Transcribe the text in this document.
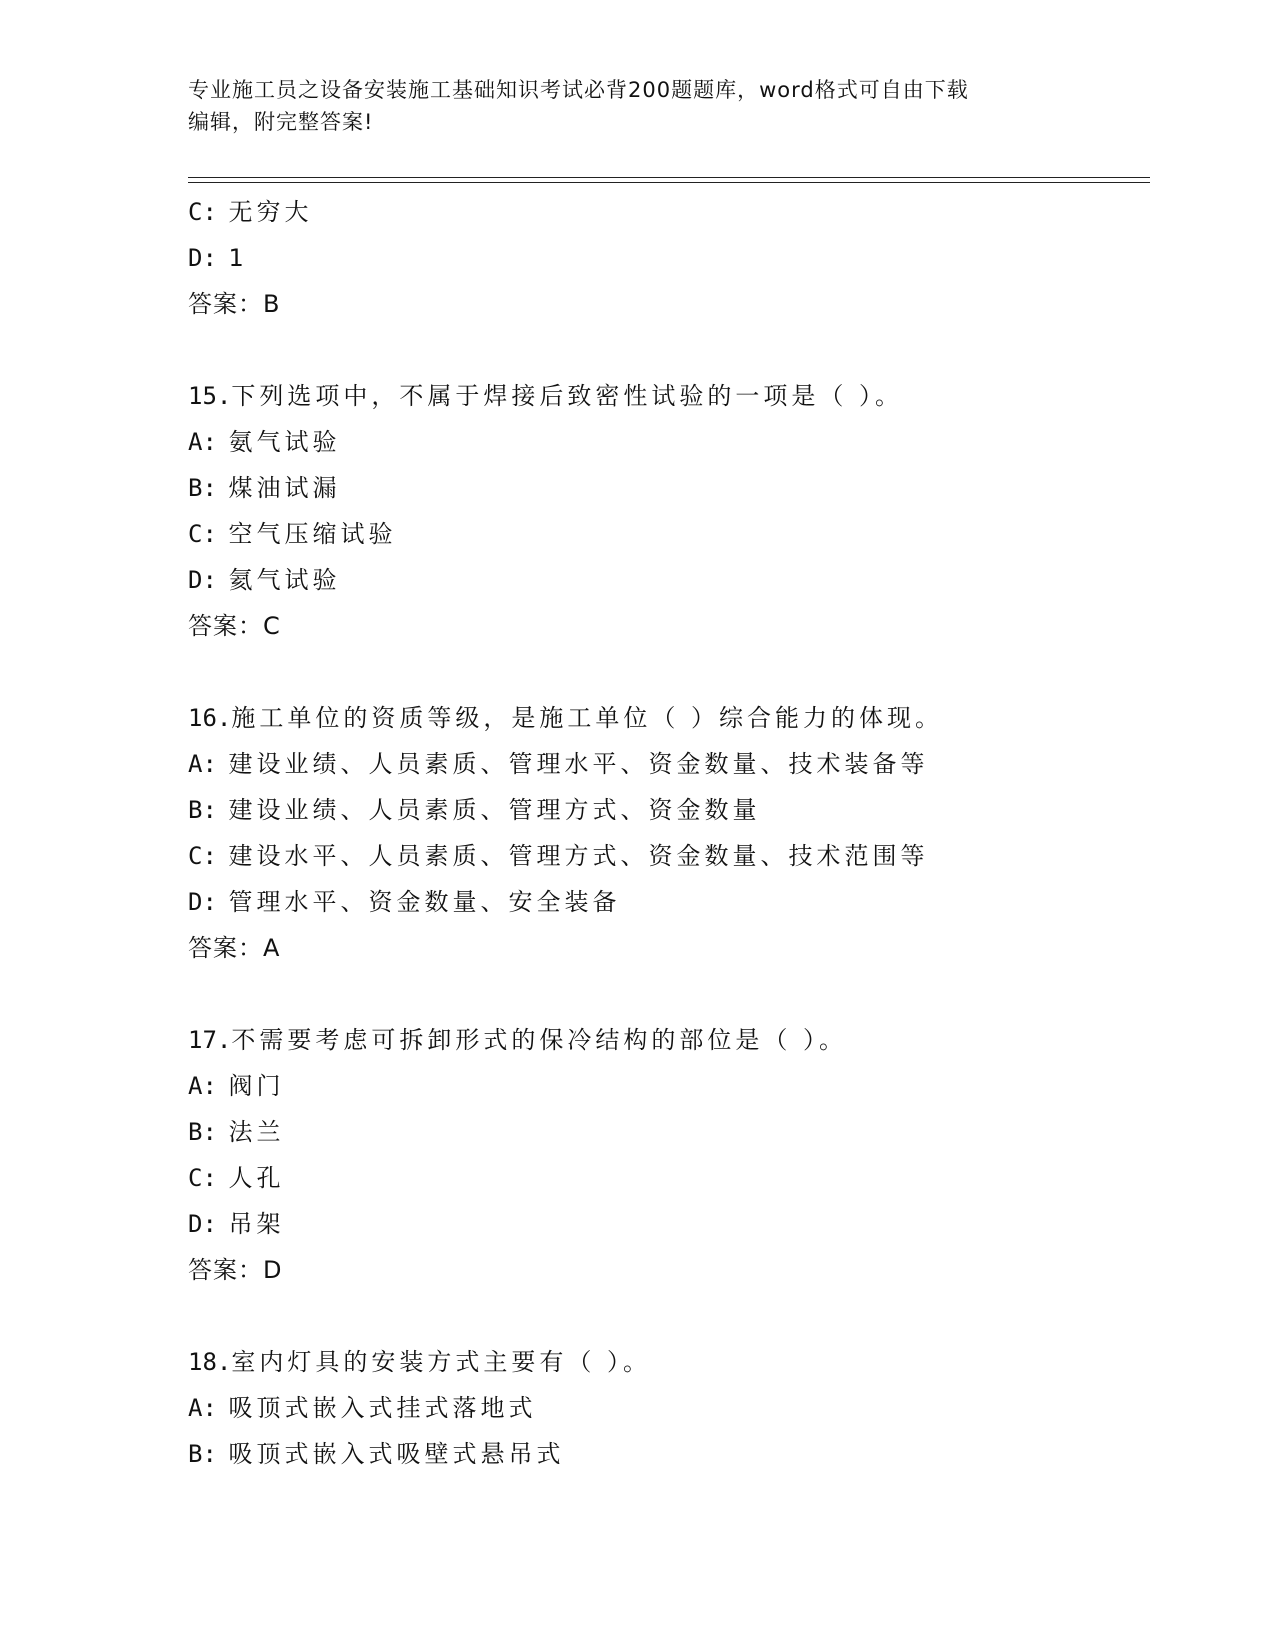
专业施工员之设备安装施工基础知识考试必背200题题库，word格式可自由下载
编辑，附完整答案!
C: 无穷大
D: 1
答案：B
15.下列选项中，不属于焊接后致密性试验的一项是（ ）。
A: 氨气试验
B: 煤油试漏
C: 空气压缩试验
D: 氦气试验
答案：C
16.施工单位的资质等级，是施工单位（ ）综合能力的体现。
A: 建设业绩、人员素质、管理水平、资金数量、技术装备等
B: 建设业绩、人员素质、管理方式、资金数量
C: 建设水平、人员素质、管理方式、资金数量、技术范围等
D: 管理水平、资金数量、安全装备
答案：A
17.不需要考虑可拆卸形式的保冷结构的部位是（ ）。
A: 阀门
B: 法兰
C: 人孔
D: 吊架
答案：D
18.室内灯具的安装方式主要有（ ）。
A: 吸顶式嵌入式挂式落地式
B: 吸顶式嵌入式吸壁式悬吊式
